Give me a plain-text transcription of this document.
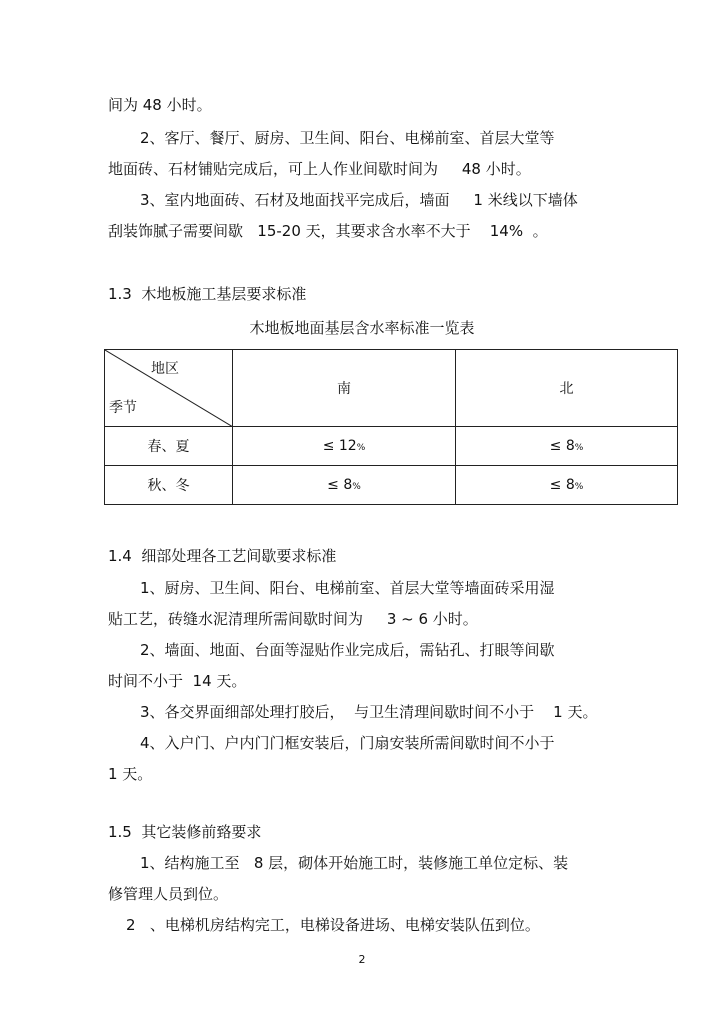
间为 48 小时。
2、客厅、餐厅、厨房、卫生间、阳台、电梯前室、首层大堂等
地面砖、石材铺贴完成后，可上人作业间歇时间为     48 小时。
3、室内地面砖、石材及地面找平完成后，墙面     1 米线以下墙体
刮装饰腻子需要间歇   15-20 天，其要求含水率不大于    14%  。
1.3  木地板施工基层要求标准
木地板地面基层含水率标准一览表
地区
季节	南	北
春、夏	≤ 12%	≤ 8%
秋、冬	≤ 8%	≤ 8%
1.4  细部处理各工艺间歇要求标准
1、厨房、卫生间、阳台、电梯前室、首层大堂等墙面砖采用湿
贴工艺，砖缝水泥清理所需间歇时间为     3 ~ 6 小时。
2、墙面、地面、台面等湿贴作业完成后，需钻孔、打眼等间歇
时间不小于  14 天。
3、各交界面细部处理打胶后，  与卫生清理间歇时间不小于    1 天。
4、入户门、户内门门框安装后，门扇安装所需间歇时间不小于
1 天。
1.5  其它装修前臵要求
1、结构施工至   8 层，砌体开始施工时，装修施工单位定标、装
修管理人员到位。
2   、电梯机房结构完工，电梯设备进场、电梯安装队伍到位。
2
